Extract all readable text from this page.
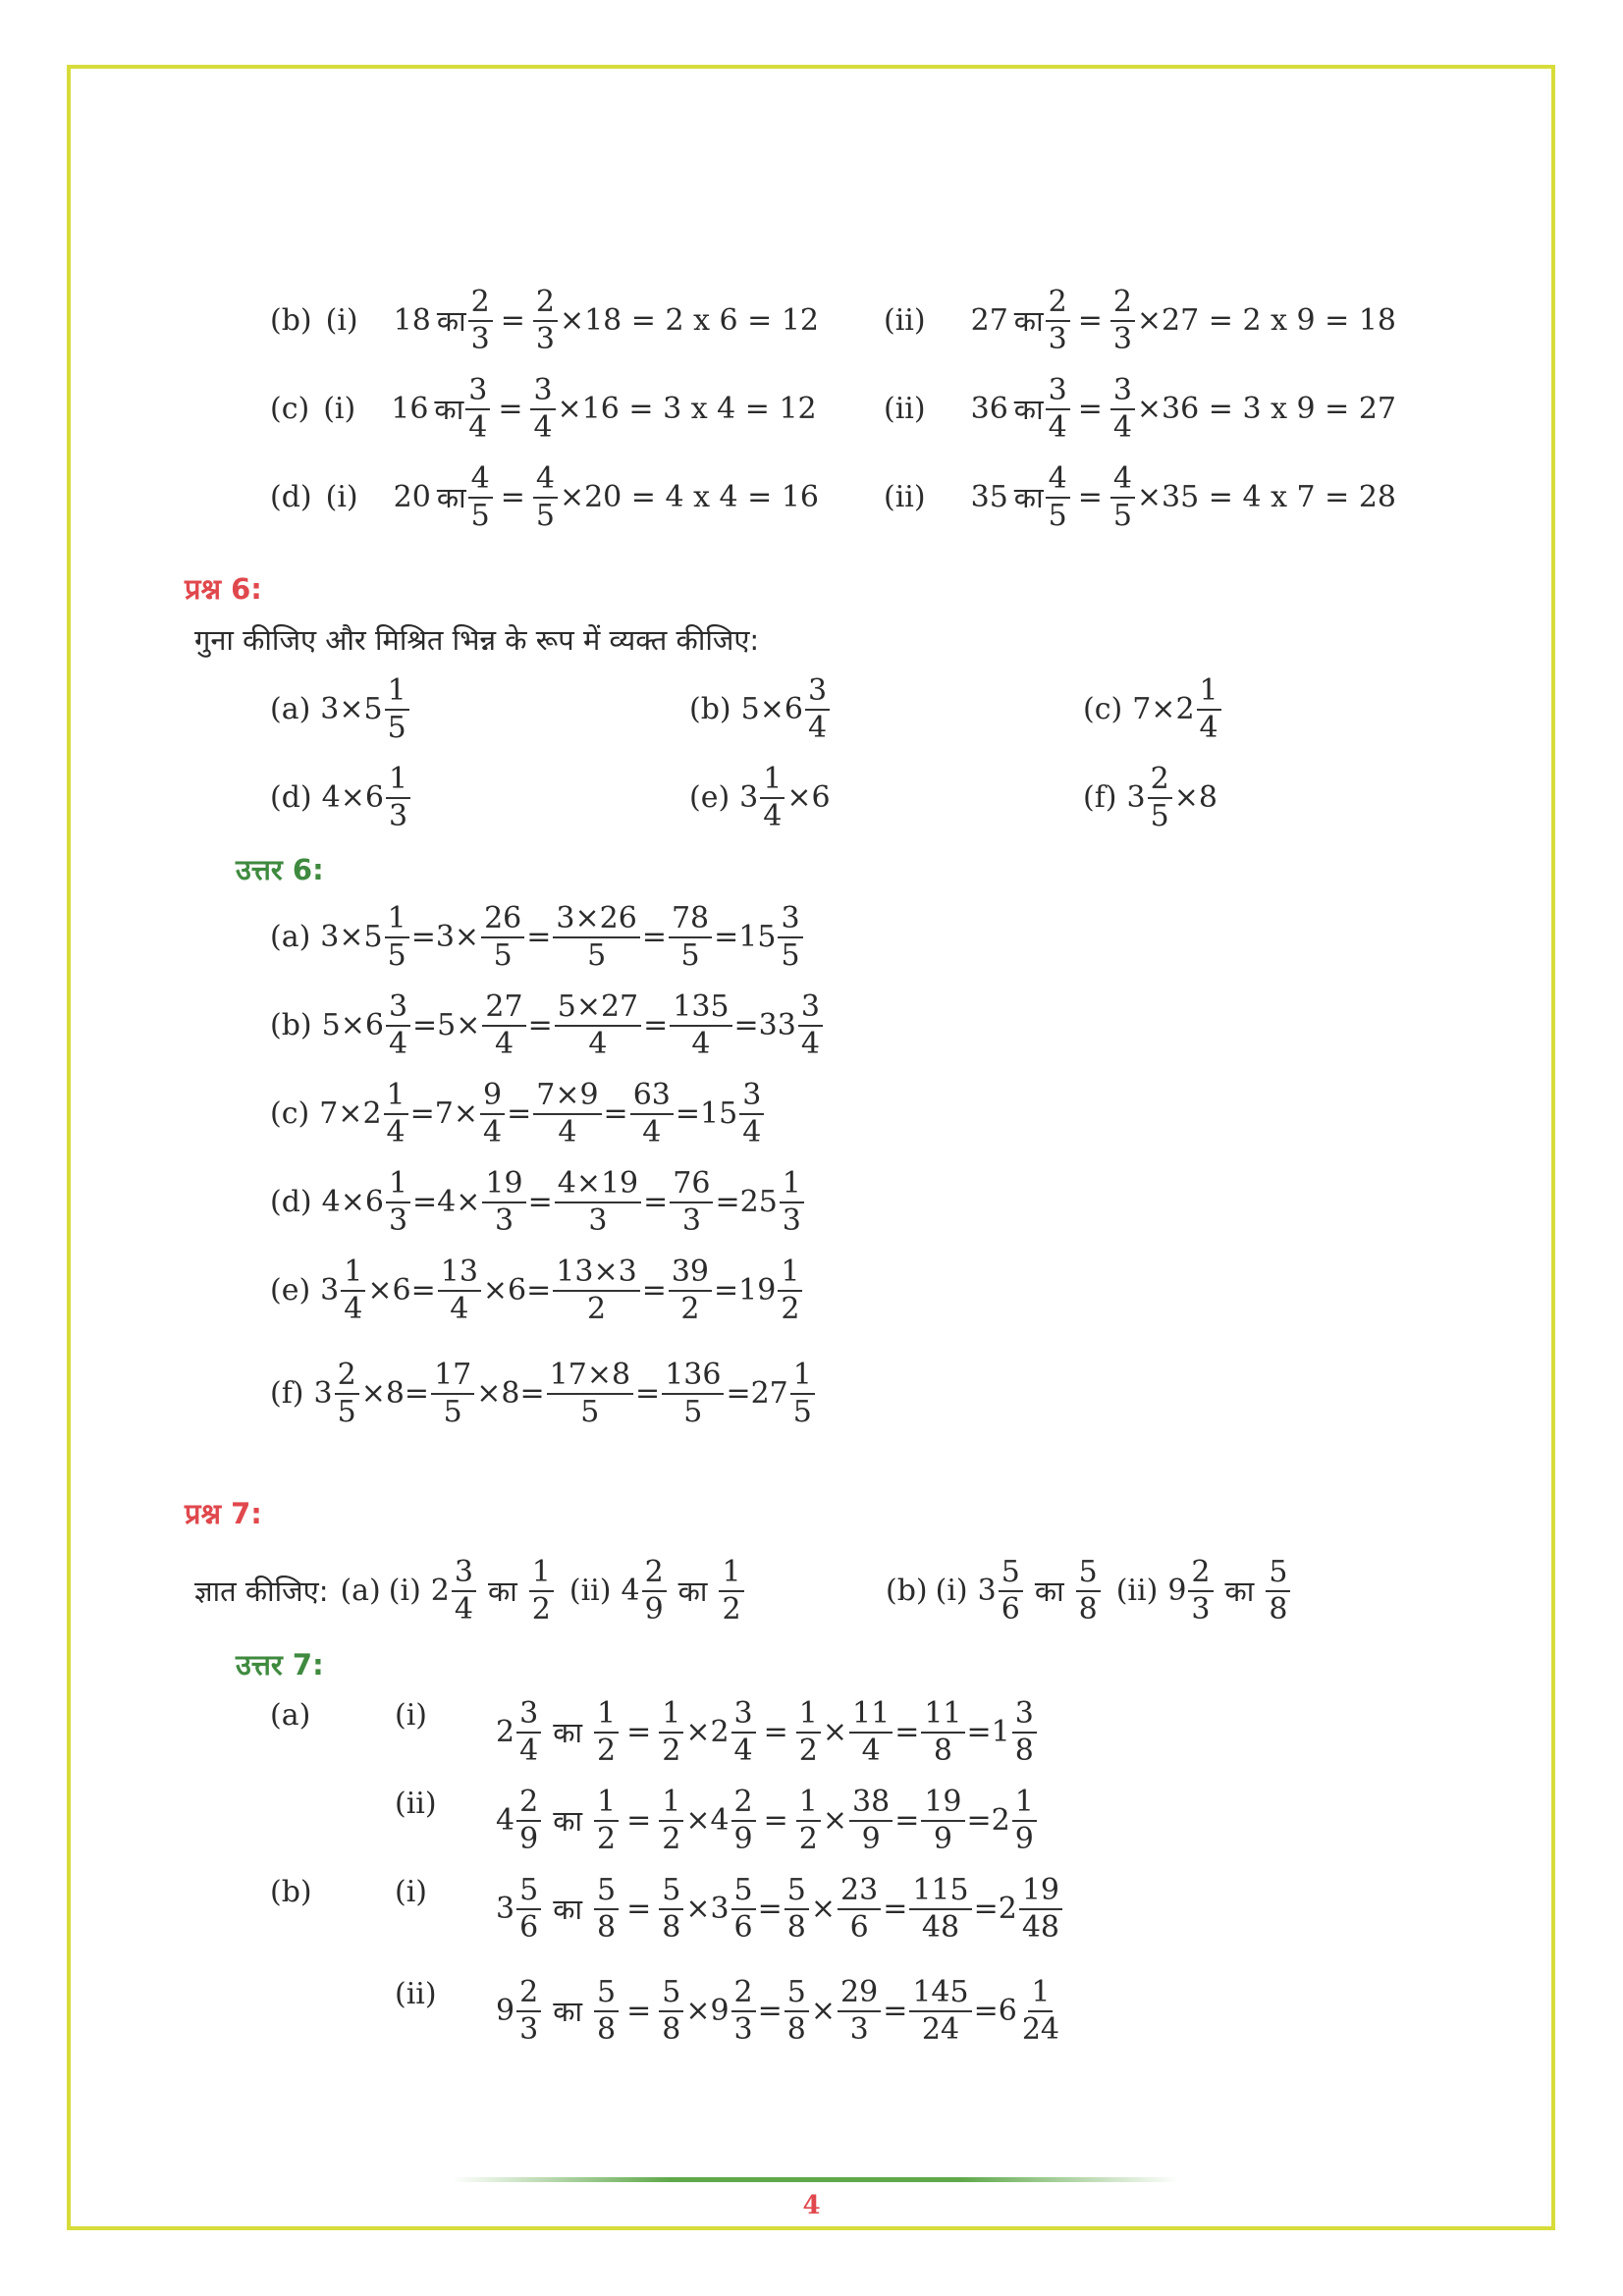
(b) (i) 18 का $\frac{2}{3} = \frac{2}{3} \times 18 = 2$ x 6 = 12 (ii) 27 का $\frac{2}{3} = \frac{2}{3} \times 27 = 2$ x 9 = 18
(c) (i) 16 का $\frac{3}{4} = \frac{3}{4} \times 16 = 3$ x 4 = 12 (ii) 36 का $\frac{3}{4} = \frac{3}{4} \times 36 = 3$ x 9 = 27
(d) (i) 20 का $\frac{4}{5} = \frac{4}{5} \times 20 = 4$ x 4 = 16 (ii) 35 का $\frac{4}{5} = \frac{4}{5} \times 35 = 4$ x 7 = 28
प्रश्न 6:
गुना कीजिए और मिश्रित भिन्न के रूप में व्यक्त कीजिए:
(a) $3\times 5 \frac{1}{5}$	(b) $5\times 6 \frac{3}{4}$	(c) $7\times 2 \frac{1}{4}$
(d) $4\times 6 \frac{1}{3}$	(e) $3 \frac{1}{4} \times 6$	(f) $3 \frac{2}{5} \times 8$
उत्तर 6:
(a) $3\times 5 \frac{1}{5} =3\times \frac{26}{5} = \frac{3\times 26}{5} = \frac{78}{5} =15 \frac{3}{5}$
(b) $5\times 6 \frac{3}{4} =5\times \frac{27}{4} = \frac{5\times 27}{4} = \frac{135}{4} =33 \frac{3}{4}$
(c) $7\times 2 \frac{1}{4} =7\times \frac{9}{4} = \frac{7\times 9}{4} = \frac{63}{4} =15 \frac{3}{4}$
(d) $4\times 6 \frac{1}{3} =4\times \frac{19}{3} = \frac{4\times 19}{3} = \frac{76}{3} =25 \frac{1}{3}$
(e) $3 \frac{1}{4} \times 6= \frac{13}{4} \times 6= \frac{13\times 3}{2} = \frac{39}{2} =19 \frac{1}{2}$
(f) $3 \frac{2}{5} \times 8= \frac{17}{5} \times 8= \frac{17\times 8}{5} = \frac{136}{5} =27 \frac{1}{5}$
प्रश्न 7:
ज्ञात कीजिए: (a) (i) $2 \frac{3}{4}$ का $\frac{1}{2} (ii)$ $4 \frac{2}{9}$ का $\frac{1}{2}$	(b) (i) $3 \frac{5}{6}$ का $\frac{5}{8} (ii)$ $9 \frac{2}{3}$ का $\frac{5}{8}$
उत्तर 7:
(a)	(i) $2 \frac{3}{4}$ का $\frac{1}{2} = \frac{1}{2} \times 2 \frac{3}{4} = \frac{1}{2} \times \frac{11}{4} = \frac{11}{8} =1 \frac{3}{8}$
(ii) $4 \frac{2}{9}$ का $\frac{1}{2} = \frac{1}{2} \times 4 \frac{2}{9} = \frac{1}{2} \times \frac{38}{9} = \frac{19}{9} =2 \frac{1}{9}$
(b)	(i) $3 \frac{5}{6}$ का $\frac{5}{8} = \frac{5}{8} \times 3 \frac{5}{6} = \frac{5}{8} \times \frac{23}{6} = \frac{115}{48} =2 \frac{19}{48}$
(ii) $9 \frac{2}{3}$ का $\frac{5}{8} = \frac{5}{8} \times 9 \frac{2}{3} = \frac{5}{8} \times \frac{29}{3} = \frac{145}{24} =6 \frac{1}{24}$
4
